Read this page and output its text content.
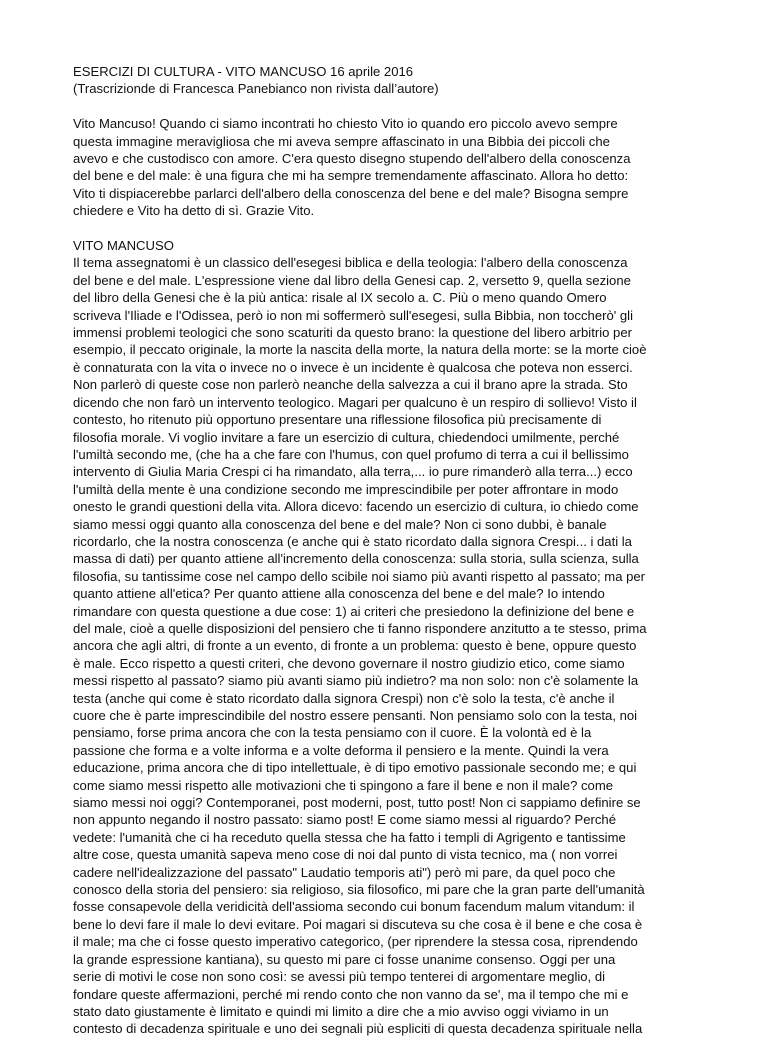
ESERCIZI DI CULTURA - VITO MANCUSO 16 aprile 2016
(Trascrizionde di Francesca Panebianco non rivista dall’autore)
Vito Mancuso! Quando ci siamo incontrati ho chiesto Vito io quando ero piccolo avevo sempre
questa immagine meravigliosa che mi aveva sempre affascinato in una Bibbia dei piccoli che
avevo e che custodisco con amore. C'era questo disegno stupendo dell'albero della conoscenza
del bene e del male: è una figura che mi ha sempre tremendamente affascinato. Allora ho detto:
Vito ti dispiacerebbe parlarci dell'albero della conoscenza del bene e del male? Bisogna sempre
chiedere e Vito ha detto di sì. Grazie Vito.
VITO MANCUSO
Il tema assegnatomi è un classico dell'esegesi biblica e della teologia: l'albero della conoscenza
del bene e del male. L'espressione viene dal libro della Genesi cap. 2, versetto 9, quella sezione
del libro della Genesi che è la più antica: risale al IX secolo a. C. Più o meno quando Omero
scriveva l'Iliade e l'Odissea, però io non mi soffermerò sull'esegesi, sulla Bibbia, non toccherò' gli
immensi problemi teologici che sono scaturiti da questo brano: la questione del libero arbitrio per
esempio, il peccato originale, la morte la nascita della morte, la natura della morte: se la morte cioè
è connaturata con la vita o invece no o invece è un incidente è qualcosa che poteva non esserci.
Non parlerò di queste cose non parlerò neanche della salvezza a cui il brano apre la strada. Sto
dicendo che non farò un intervento teologico. Magari per qualcuno è un respiro di sollievo! Visto il
contesto, ho ritenuto più opportuno presentare una riflessione filosofica più precisamente di
filosofia morale. Vi voglio invitare a fare un esercizio di cultura, chiedendoci umilmente, perché
l'umiltà secondo me, (che ha a che fare con l'humus, con quel profumo di terra a cui il bellissimo
intervento di Giulia Maria Crespi ci ha rimandato, alla terra,... io pure rimanderò alla terra...) ecco
l'umiltà della mente è una condizione secondo me imprescindibile per poter affrontare in modo
onesto le grandi questioni della vita. Allora dicevo: facendo un esercizio di cultura, io chiedo come
siamo messi oggi quanto alla conoscenza del bene e del male? Non ci sono dubbi, è banale
ricordarlo, che la nostra conoscenza (e anche qui è stato ricordato dalla signora Crespi... i dati la
massa di dati) per quanto attiene all'incremento della conoscenza: sulla storia, sulla scienza, sulla
filosofia, su tantissime cose nel campo dello scibile noi siamo più avanti rispetto al passato; ma per
quanto attiene all'etica? Per quanto attiene alla conoscenza del bene e del male? Io intendo
rimandare con questa questione a due cose: 1) ai criteri che presiedono la definizione del bene e
del male, cioè a quelle disposizioni del pensiero che ti fanno rispondere anzitutto a te stesso, prima
ancora che agli altri, di fronte a un evento, di fronte a un problema: questo è bene, oppure questo
è male. Ecco rispetto a questi criteri, che devono governare il nostro giudizio etico, come siamo
messi rispetto al passato? siamo più avanti siamo più indietro? ma non solo: non c'è solamente la
testa (anche qui come è stato ricordato dalla signora Crespi) non c'è solo la testa, c'è anche il
cuore che è parte imprescindibile del nostro essere pensanti. Non pensiamo solo con la testa, noi
pensiamo, forse prima ancora che con la testa pensiamo con il cuore. È la volontà ed è la
passione che forma e a volte informa e a volte deforma il pensiero e la mente. Quindi la vera
educazione, prima ancora che di tipo intellettuale, è di tipo emotivo passionale secondo me; e qui
come siamo messi rispetto alle motivazioni che ti spingono a fare il bene e non il male? come
siamo messi noi oggi? Contemporanei, post moderni, post, tutto post! Non ci sappiamo definire se
non appunto negando il nostro passato: siamo post! E come siamo messi al riguardo? Perché
vedete: l'umanità che ci ha receduto quella stessa che ha fatto i templi di Agrigento e tantissime
altre cose, questa umanità sapeva meno cose di noi dal punto di vista tecnico, ma ( non vorrei
cadere nell'idealizzazione del passato" Laudatio temporis ati") però mi pare, da quel poco che
conosco della storia del pensiero: sia religioso, sia filosofico, mi pare che la gran parte dell'umanità
fosse consapevole della veridicità dell'assioma secondo cui bonum facendum malum vitandum: il
bene lo devi fare il male lo devi evitare. Poi magari si discuteva su che cosa è il bene e che cosa è
il male; ma che ci fosse questo imperativo categorico, (per riprendere la stessa cosa, riprendendo
la grande espressione kantiana), su questo mi pare ci fosse unanime consenso. Oggi per una
serie di motivi le cose non sono così: se avessi più tempo tenterei di argomentare meglio, di
fondare queste affermazioni, perché mi rendo conto che non vanno da se', ma il tempo che mi e
stato dato giustamente è limitato e quindi mi limito a dire che a mio avviso oggi viviamo in un
contesto di decadenza spirituale e uno dei segnali più espliciti di questa decadenza spirituale nella
